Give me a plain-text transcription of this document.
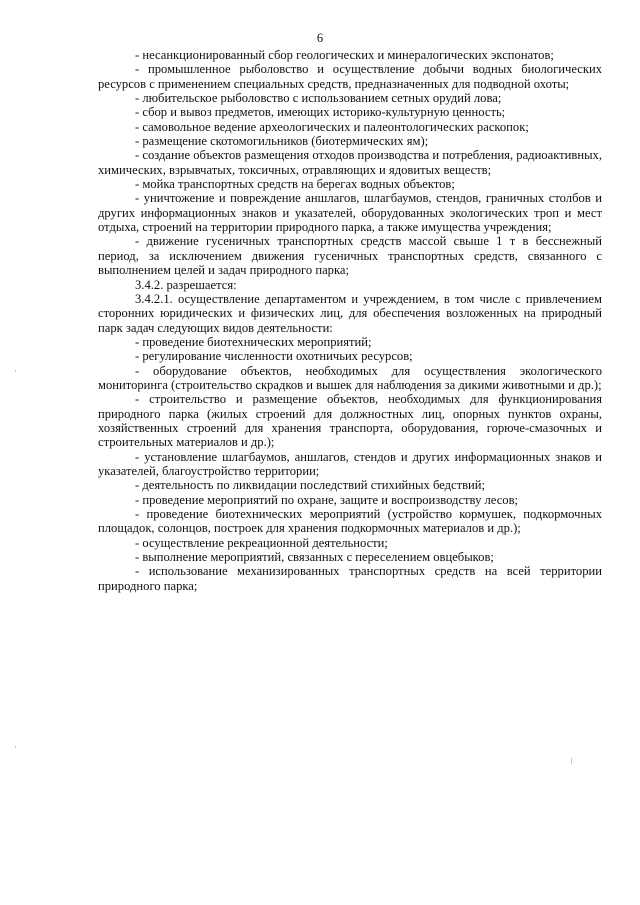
6

- несанкционированный сбор геологических и минералогических экспонатов;

- промышленное рыболовство и осуществление добычи водных биологических ресурсов с применением специальных средств, предназначенных для подводной охоты;

- любительское рыболовство с использованием сетных орудий лова;

- сбор и вывоз предметов, имеющих историко-культурную ценность;

- самовольное ведение археологических и палеонтологических раскопок;

- размещение скотомогильников (биотермических ям);

- создание объектов размещения отходов производства и потребления, радиоактивных, химических, взрывчатых, токсичных, отравляющих и ядовитых веществ;

- мойка транспортных средств на берегах водных объектов;

- уничтожение и повреждение аншлагов, шлагбаумов, стендов, граничных столбов и других информационных знаков и указателей, оборудованных экологических троп и мест отдыха, строений на территории природного парка, а также имущества учреждения;

- движение гусеничных транспортных средств массой свыше 1 т в бесснежный период, за исключением движения гусеничных транспортных средств, связанного с выполнением целей и задач природного парка;

3.4.2. разрешается:

3.4.2.1. осуществление департаментом и учреждением, в том числе с привлечением сторонних юридических и физических лиц, для обеспечения возложенных на природный парк задач следующих видов деятельности:

- проведение биотехнических мероприятий;

- регулирование численности охотничьих ресурсов;

- оборудование объектов, необходимых для осуществления экологического мониторинга (строительство скрадков и вышек для наблюдения за дикими животными и др.);

- строительство и размещение объектов, необходимых для функционирования природного парка (жилых строений для должностных лиц, опорных пунктов охраны, хозяйственных строений для хранения транспорта, оборудования, горюче-смазочных и строительных материалов и др.);

- установление шлагбаумов, аншлагов, стендов и других информационных знаков и указателей, благоустройство территории;

- деятельность по ликвидации последствий стихийных бедствий;

- проведение мероприятий по охране, защите и воспроизводству лесов;

- проведение биотехнических мероприятий (устройство кормушек, подкормочных площадок, солонцов, построек для хранения подкормочных материалов и др.);

- осуществление рекреационной деятельности;

- выполнение мероприятий, связанных с переселением овцебыков;

- использование механизированных транспортных средств на всей территории природного парка;
